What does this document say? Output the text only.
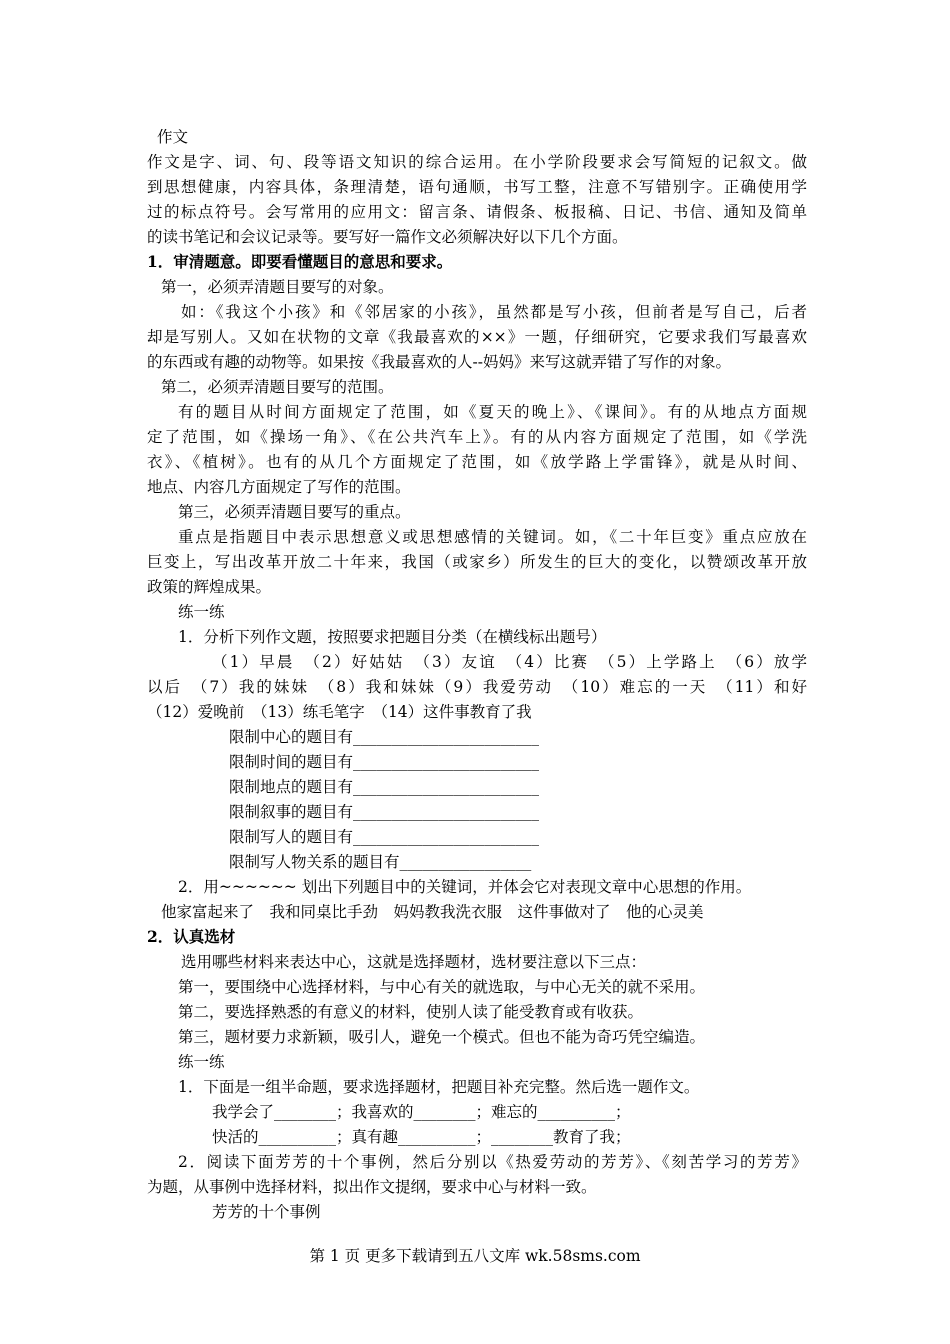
作文
作文是字、词、句、段等语文知识的综合运用。在小学阶段要求会写简短的记叙文。做
到思想健康，内容具体，条理清楚，语句通顺，书写工整，注意不写错别字。正确使用学
过的标点符号。会写常用的应用文：留言条、请假条、板报稿、日记、书信、通知及简单
的读书笔记和会议记录等。要写好一篇作文必须解决好以下几个方面。
1．审清题意。即要看懂题目的意思和要求。
第一，必须弄清题目要写的对象。
如：《我这个小孩》和《邻居家的小孩》，虽然都是写小孩，但前者是写自己，后者
却是写别人。又如在状物的文章《我最喜欢的××》一题，仔细研究，它要求我们写最喜欢
的东西或有趣的动物等。如果按《我最喜欢的人--妈妈》来写这就弄错了写作的对象。
第二，必须弄清题目要写的范围。
有的题目从时间方面规定了范围，如《夏天的晚上》、《课间》。有的从地点方面规
定了范围，如《操场一角》、《在公共汽车上》。有的从内容方面规定了范围，如《学洗
衣》、《植树》。也有的从几个方面规定了范围，如《放学路上学雷锋》，就是从时间、
地点、内容几方面规定了写作的范围。
第三，必须弄清题目要写的重点。
重点是指题目中表示思想意义或思想感情的关键词。如，《二十年巨变》重点应放在
巨变上，写出改革开放二十年来，我国（或家乡）所发生的巨大的变化，以赞颂改革开放
政策的辉煌成果。
练一练
1．分析下列作文题，按照要求把题目分类（在横线标出题号）
（1）早晨　（2）好姑姑　（3）友谊　（4）比赛　（5）上学路上　（6）放学
以后　（7）我的妹妹　（8）我和妹妹（9）我爱劳动　（10）难忘的一天　（11）和好
（12）爱晚前　（13）练毛笔字　（14）这件事教育了我
限制中心的题目有________________________
限制时间的题目有________________________
限制地点的题目有________________________
限制叙事的题目有________________________
限制写人的题目有________________________
限制写人物关系的题目有_________________
2．用~~~~~~ 划出下列题目中的关键词，并体会它对表现文章中心思想的作用。
他家富起来了　我和同桌比手劲　妈妈教我洗衣服　这件事做对了　他的心灵美
2．认真选材
选用哪些材料来表达中心，这就是选择题材，选材要注意以下三点：
第一，要围绕中心选择材料，与中心有关的就选取，与中心无关的就不采用。
第二，要选择熟悉的有意义的材料，使别人读了能受教育或有收获。
第三，题材要力求新颖，吸引人，避免一个模式。但也不能为奇巧凭空编造。
练一练
1．下面是一组半命题，要求选择题材，把题目补充完整。然后选一题作文。
我学会了________；我喜欢的________；难忘的__________；
快活的__________；真有趣__________；________教育了我；
2．阅读下面芳芳的十个事例，然后分别以《热爱劳动的芳芳》、《刻苦学习的芳芳》
为题，从事例中选择材料，拟出作文提纲，要求中心与材料一致。
芳芳的十个事例
第 1 页 更多下载请到五八文库 wk.58sms.com
